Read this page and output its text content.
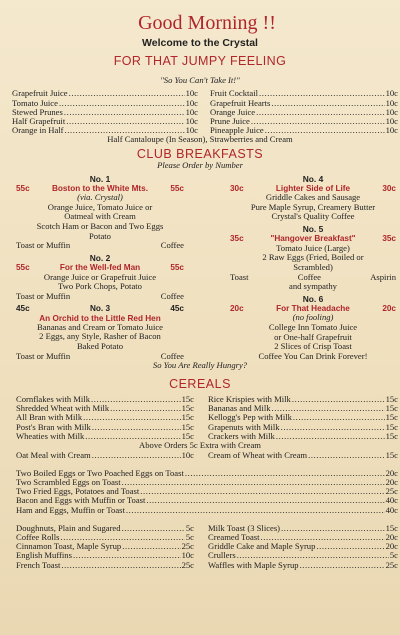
Good Morning !!
Welcome to the Crystal
FOR THAT JUMPY FEELING
"So You Can't Take It!"
Grapefruit Juice .....	10c
Tomato Juice .....	10c
Stewed Prunes .....	10c
Half Grapefruit .....	10c
Orange in Half .....	10c
Fruit Cocktail .....	10c
Grapefruit Hearts .....	10c
Orange Juice .....	10c
Prune Juice .....	10c
Pineapple Juice .....	10c
Half Cantaloupe (In Season), Strawberries and Cream
CLUB BREAKFASTS
Please Order by Number
No. 1
55c	Boston to the White Mts.	55c
(via. Crystal)
Orange Juice, Tomato Juice or
Oatmeal with Cream
Scotch Ham or Bacon and Two Eggs
Potato
Toast or Muffin	Coffee
No. 2
55c	For the Well-fed Man	55c
Orange Juice or Grapefruit Juice
Two Pork Chops, Potato
Toast or Muffin	Coffee
45c	No. 3	45c
An Orchid to the Little Red Hen
Bananas and Cream or Tomato Juice
2 Eggs, any Style, Rasher of Bacon
Baked Potato
Toast or Muffin	Coffee
No. 4
30c	Lighter Side of Life	30c
Griddle Cakes and Sausage
Pure Maple Syrup, Creamery Butter
Crystal's Quality Coffee
No. 5
35c	"Hangover Breakfast"	35c
Tomato Juice (Large)
2 Raw Eggs (Fried, Boiled or
Scrambled)
Toast	Coffee	Aspirin
and sympathy
No. 6
20c	For That Headache	20c
(no fooling)
College Inn Tomato Juice
or One-half Grapefruit
2 Slices of Crisp Toast
Coffee You Can Drink Forever!
So You Are Really Hungry?
CEREALS
Cornflakes with Milk .....	15c
Shredded Wheat with Milk .....	15c
All Bran with Milk .....	15c
Post's Bran with Milk .....	15c
Wheaties with Milk .....	15c
Rice Krispies with Milk .....	15c
Bananas and Milk .....	15c
Kellogg's Pep with Milk .....	15c
Grapenuts with Milk .....	15c
Crackers with Milk .....	15c
Above Orders 5c Extra with Cream
Oat Meal with Cream .....	10c Cream of Wheat with Cream .....	15c
Two Boiled Eggs or Two Poached Eggs on Toast .....	20c
Two Scrambled Eggs on Toast .....	20c
Two Fried Eggs, Potatoes and Toast .....	25c
Bacon and Eggs with Muffin or Toast .....	40c
Ham and Eggs, Muffin or Toast .....	40c
Doughnuts, Plain and Sugared .....	5c
Coffee Rolls .....	5c
Cinnamon Toast, Maple Syrup .....	25c
English Muffins .....	10c
French Toast .....	25c
Milk Toast (3 Slices) .....	15c
Creamed Toast .....	20c
Griddle Cake and Maple Syrup .....	20c
Crullers .....	5c
Waffles with Maple Syrup .....	25c
